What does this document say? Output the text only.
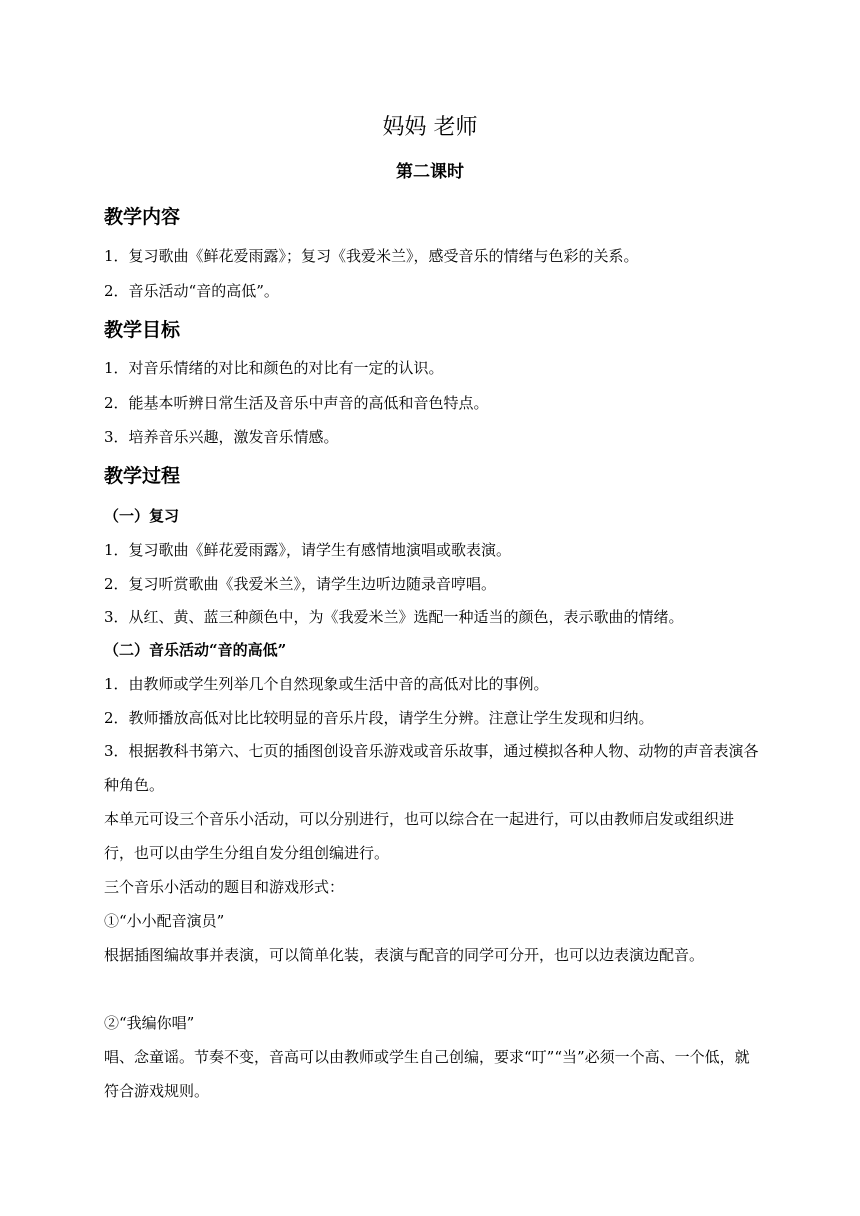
妈妈 老师
第二课时
教学内容
1．复习歌曲《鲜花爱雨露》；复习《我爱米兰》，感受音乐的情绪与色彩的关系。
2．音乐活动“音的高低”。
教学目标
1．对音乐情绪的对比和颜色的对比有一定的认识。
2．能基本听辨日常生活及音乐中声音的高低和音色特点。
3．培养音乐兴趣，激发音乐情感。
教学过程
（一）复习
1．复习歌曲《鲜花爱雨露》，请学生有感情地演唱或歌表演。
2．复习听赏歌曲《我爱米兰》，请学生边听边随录音哼唱。
3．从红、黄、蓝三种颜色中，为《我爱米兰》选配一种适当的颜色，表示歌曲的情绪。
（二）音乐活动“音的高低”
1．由教师或学生列举几个自然现象或生活中音的高低对比的事例。
2．教师播放高低对比比较明显的音乐片段，请学生分辨。注意让学生发现和归纳。
3．根据教科书第六、七页的插图创设音乐游戏或音乐故事，通过模拟各种人物、动物的声音表演各种角色。
本单元可设三个音乐小活动，可以分别进行，也可以综合在一起进行，可以由教师启发或组织进行，也可以由学生分组自发分组创编进行。
三个音乐小活动的题目和游戏形式：
①“小小配音演员”
根据插图编故事并表演，可以简单化装，表演与配音的同学可分开，也可以边表演边配音。
②“我编你唱”
唱、念童谣。节奏不变，音高可以由教师或学生自己创编，要求“叮”“当”必须一个高、一个低，就符合游戏规则。
